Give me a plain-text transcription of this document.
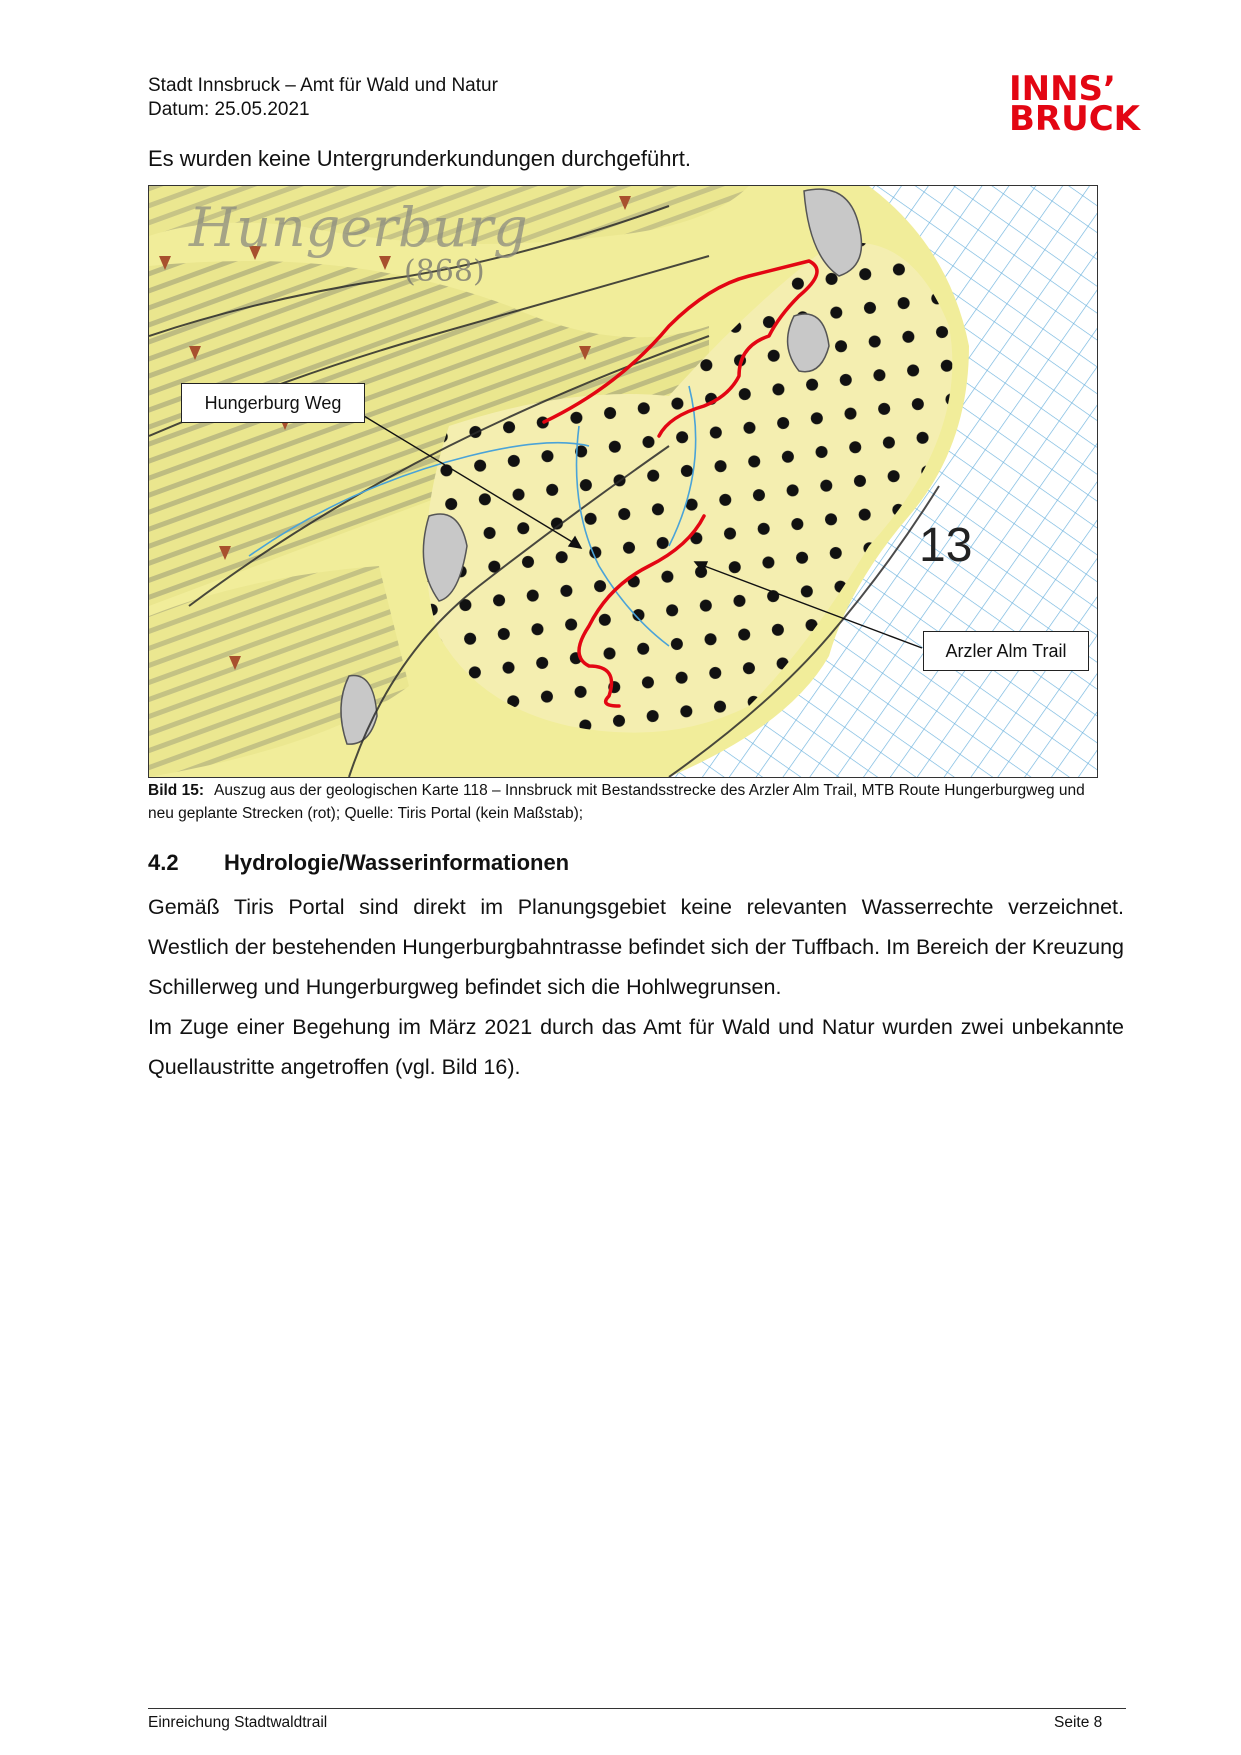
Stadt Innsbruck – Amt für Wald und Natur
Datum: 25.05.2021
INNS’
BRUCK
Es wurden keine Untergrunderkundungen durchgeführt.
Hungerburg
(868)
13
Hungerburg Weg
Arzler Alm Trail
Bild 15: Auszug aus der geologischen Karte 118 – Innsbruck mit Bestandsstrecke des Arzler Alm Trail, MTB Route Hungerburgweg und neu geplante Strecken (rot); Quelle: Tiris Portal (kein Maßstab);
4.2 Hydrologie/Wasserinformationen

Gemäß Tiris Portal sind direkt im Planungsgebiet keine relevanten Wasserrechte verzeichnet. Westlich der bestehenden Hungerburgbahntrasse befindet sich der Tuffbach. Im Bereich der Kreuzung Schillerweg und Hungerburgweg befindet sich die Hohlwegrunsen.

Im Zuge einer Begehung im März 2021 durch das Amt für Wald und Natur wurden zwei unbekannte Quellaustritte angetroffen (vgl. Bild 16).

Einreichung Stadtwaldtrail	Seite 8
